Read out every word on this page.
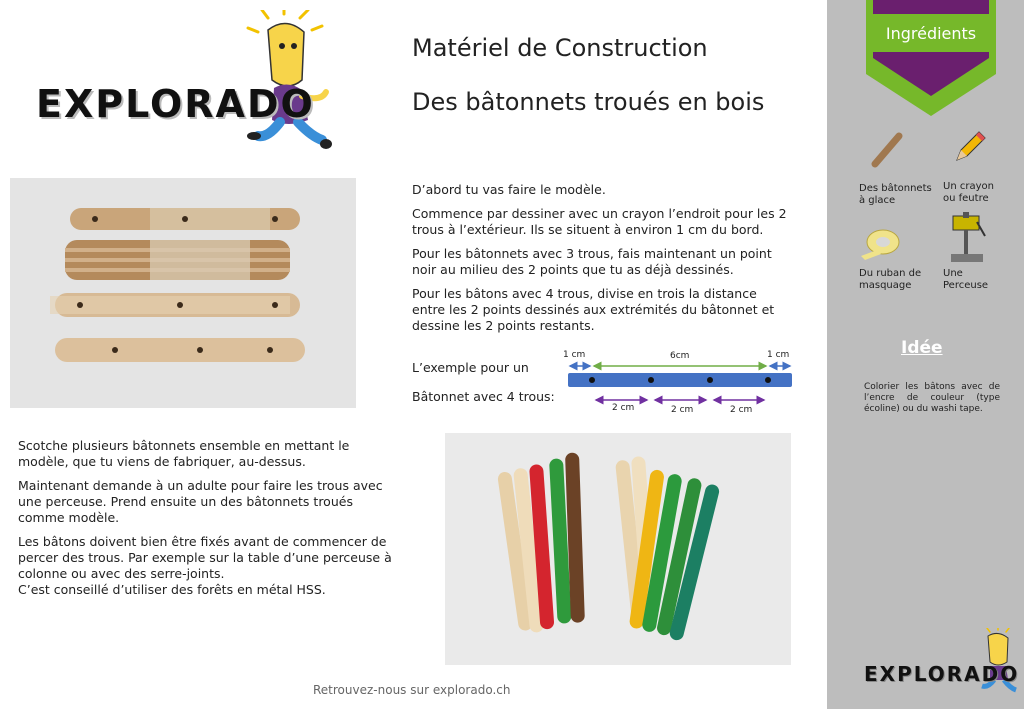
EXPLORADO
Matériel de Construction
Des bâtonnets troués en bois

D’abord tu vas faire le modèle.

Commence par dessiner avec un crayon l’endroit pour les 2 trous à l’extérieur. Ils se situent à environ 1 cm du bord.

Pour les bâtonnets avec 3 trous, fais maintenant un point noir au milieu des 2 points que tu as déjà dessinés.

Pour les bâtons avec 4 trous, divise en trois la distance entre les 2 points dessinés aux extrémités du bâtonnet et dessine les 2 points restants.

L’exemple pour un
Bâtonnet avec 4 trous:
1 cm	6cm	1 cm
2 cm	2 cm	2 cm

Scotche plusieurs bâtonnets ensemble en mettant le modèle, que tu viens de fabriquer, au-dessus.

Maintenant demande à un adulte pour faire les trous avec une perceuse. Prend ensuite un des bâtonnets troués comme modèle.

Les bâtons doivent bien être fixés avant de commencer de percer des trous. Par exemple sur la table d’une perceuse à colonne ou avec des serre-joints.
C’est conseillé d’utiliser des forêts en métal HSS.

Retrouvez-nous sur explorado.ch
Ingrédients
Des bâtonnets
à glace
Un crayon
ou feutre
Du ruban de
masquage
Une
Perceuse
Idée
Colorier les bâtons avec de l’encre de couleur (type écoline) ou du washi tape.
EXPLORADO
